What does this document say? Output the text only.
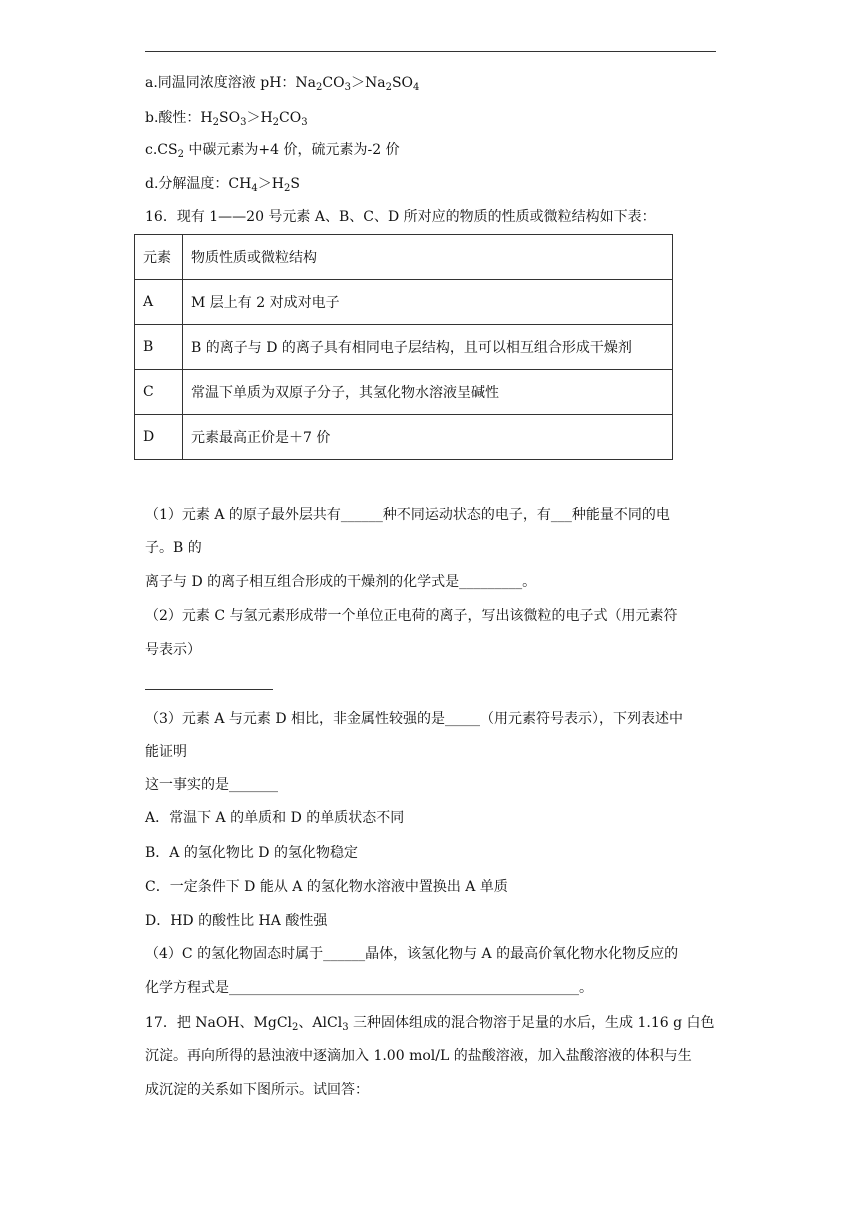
a.同温同浓度溶液 pH：$Na_2CO_3>Na_2SO_4$
b.酸性：$H_2SO_3>H_2CO_3$
$c.CS_2$ 中碳元素为+4 价，硫元素为-2 价
d.分解温度：$CH_4>H_2S$
16．现有 1——20 号元素 A、B、C、D 所对应的物质的性质或微粒结构如下表：
元素	物质性质或微粒结构
A	M 层上有 2 对成对电子
B	B 的离子与 D 的离子具有相同电子层结构，且可以相互组合形成干燥剂
C	常温下单质为双原子分子，其氢化物水溶液呈碱性
D	元素最高正价是＋7 价
（1）元素 A 的原子最外层共有______种不同运动状态的电子，有___种能量不同的电
子。B 的
离子与 D 的离子相互组合形成的干燥剂的化学式是_________。
（2）元素 C 与氢元素形成带一个单位正电荷的离子，写出该微粒的电子式（用元素符
号表示）
（3）元素 A 与元素 D 相比，非金属性较强的是_____（用元素符号表示），下列表述中
能证明
这一事实的是_______
A．常温下 A 的单质和 D 的单质状态不同
B．A 的氢化物比 D 的氢化物稳定
C．一定条件下 D 能从 A 的氢化物水溶液中置换出 A 单质
D．HD 的酸性比 HA 酸性强
（4）C 的氢化物固态时属于______晶体，该氢化物与 A 的最高价氧化物水化物反应的
化学方程式是__________________________________________________。
17．把 NaOH、MgCl$_2$、AlCl$_3$ 三种固体组成的混合物溶于足量的水后，生成 1.16 g 白色
沉淀。再向所得的悬浊液中逐滴加入 1.00 mol/L 的盐酸溶液，加入盐酸溶液的体积与生
成沉淀的关系如下图所示。试回答：
